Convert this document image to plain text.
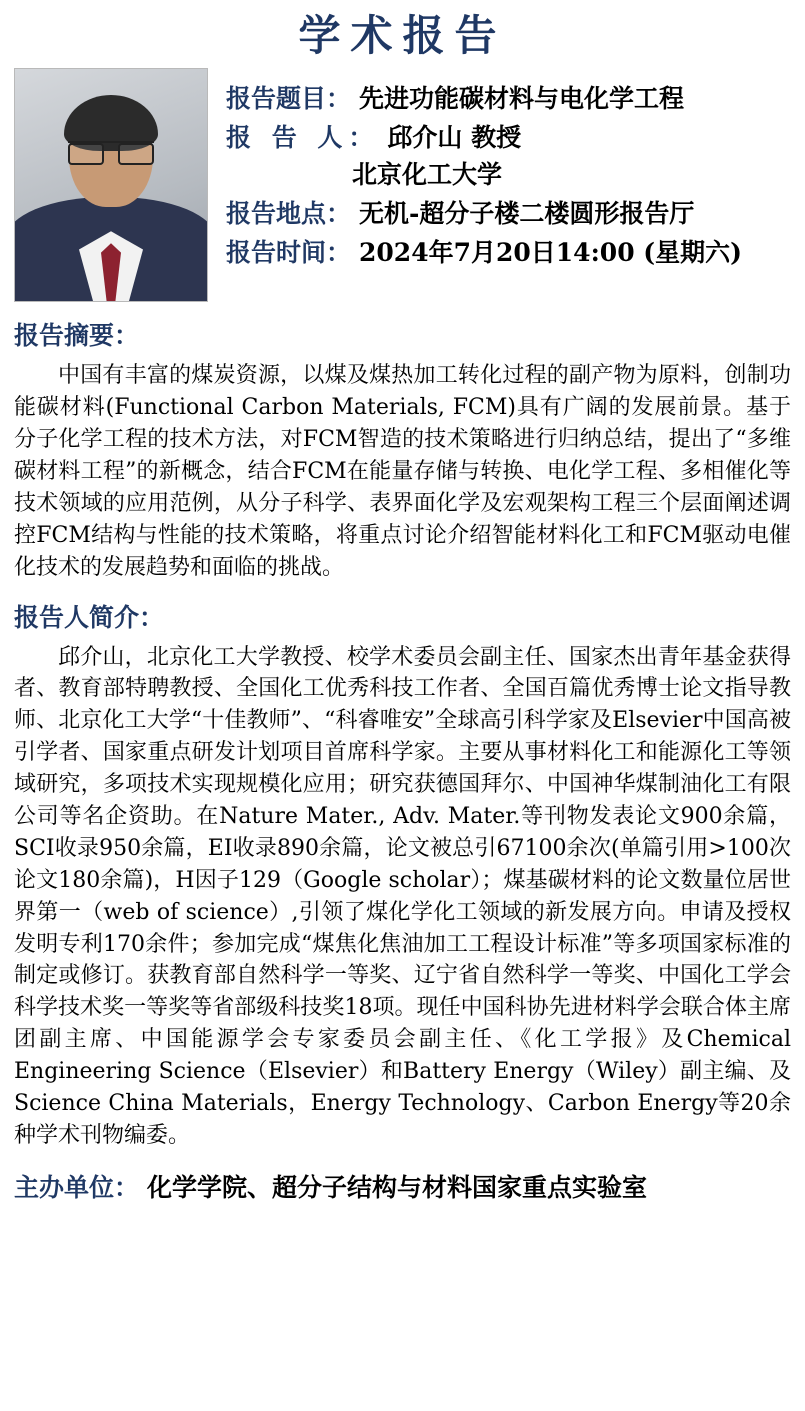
学术报告
报告题目： 先进功能碳材料与电化学工程
报 告 人： 邱介山 教授
北京化工大学
报告地点： 无机-超分子楼二楼圆形报告厅
报告时间： 2024年7月20日14:00 (星期六)
报告摘要：

中国有丰富的煤炭资源，以煤及煤热加工转化过程的副产物为原料，创制功能碳材料(Functional Carbon Materials, FCM)具有广阔的发展前景。基于分子化学工程的技术方法，对FCM智造的技术策略进行归纳总结，提出了“多维碳材料工程”的新概念，结合FCM在能量存储与转换、电化学工程、多相催化等技术领域的应用范例，从分子科学、表界面化学及宏观架构工程三个层面阐述调控FCM结构与性能的技术策略，将重点讨论介绍智能材料化工和FCM驱动电催化技术的发展趋势和面临的挑战。

报告人简介：

邱介山，北京化工大学教授、校学术委员会副主任、国家杰出青年基金获得者、教育部特聘教授、全国化工优秀科技工作者、全国百篇优秀博士论文指导教师、北京化工大学“十佳教师”、“科睿唯安”全球高引科学家及Elsevier中国高被引学者、国家重点研发计划项目首席科学家。主要从事材料化工和能源化工等领域研究，多项技术实现规模化应用；研究获德国拜尔、中国神华煤制油化工有限公司等名企资助。在Nature Mater., Adv. Mater.等刊物发表论文900余篇，SCI收录950余篇，EI收录890余篇，论文被总引67100余次(单篇引用>100次论文180余篇)，H因子129（Google scholar）；煤基碳材料的论文数量位居世界第一（web of science）,引领了煤化学化工领域的新发展方向。申请及授权发明专利170余件；参加完成“煤焦化焦油加工工程设计标准”等多项国家标准的制定或修订。获教育部自然科学一等奖、辽宁省自然科学一等奖、中国化工学会科学技术奖一等奖等省部级科技奖18项。现任中国科协先进材料学会联合体主席团副主席、中国能源学会专家委员会副主任、《化工学报》及Chemical Engineering Science（Elsevier）和Battery Energy（Wiley）副主编、及Science China Materials，Energy Technology、Carbon Energy等20余种学术刊物编委。

主办单位： 化学学院、超分子结构与材料国家重点实验室
